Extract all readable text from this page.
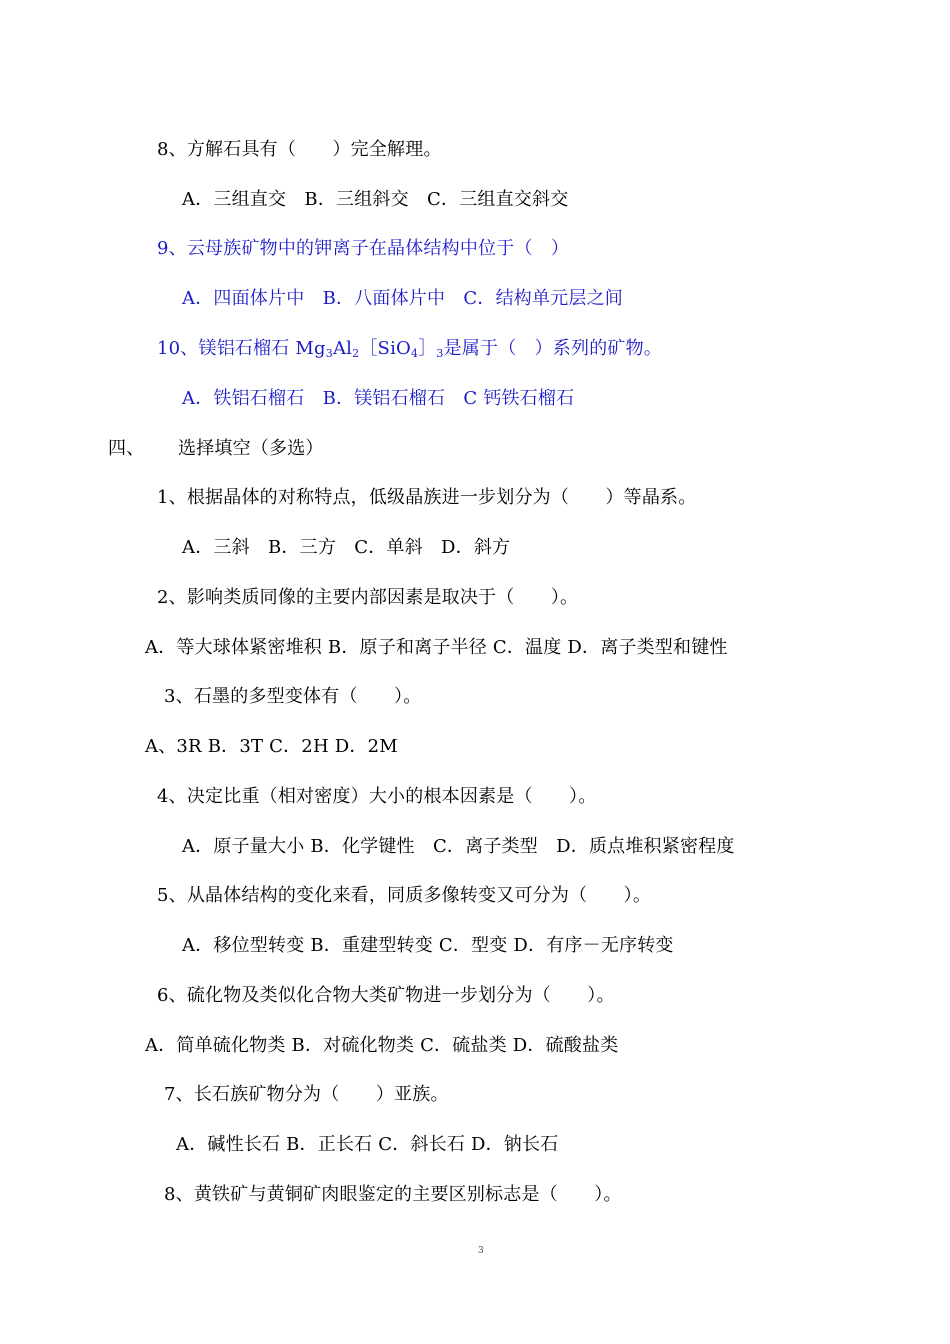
8、方解石具有（　　）完全解理。
A．三组直交　B．三组斜交　C．三组直交斜交
9、云母族矿物中的钾离子在晶体结构中位于（　）
A．四面体片中　B．八面体片中　C．结构单元层之间
10、镁铝石榴石 $Mg_3Al_2[SiO_4]_3$是属于（　）系列的矿物。
A．铁铝石榴石　B．镁铝石榴石　C 钙铁石榴石
四、 选择填空（多选）
1、根据晶体的对称特点，低级晶族进一步划分为（　　）等晶系。
A．三斜　B．三方　C．单斜　D．斜方
2、影响类质同像的主要内部因素是取决于（　　）。
A．等大球体紧密堆积 B．原子和离子半径 C．温度 D．离子类型和键性
3、石墨的多型变体有（　　）。
A、3R B．3T C．2H D．2M
4、决定比重（相对密度）大小的根本因素是（　　）。
A．原子量大小 B．化学键性　C．离子类型　D．质点堆积紧密程度
5、从晶体结构的变化来看，同质多像转变又可分为（　　）。
A．移位型转变 B．重建型转变 C．型变 D．有序－无序转变
6、硫化物及类似化合物大类矿物进一步划分为（　　）。
A．简单硫化物类 B．对硫化物类 C．硫盐类 D．硫酸盐类
7、长石族矿物分为（　　）亚族。
A．碱性长石 B．正长石 C．斜长石 D．钠长石
8、黄铁矿与黄铜矿肉眼鉴定的主要区别标志是（　　）。
3
